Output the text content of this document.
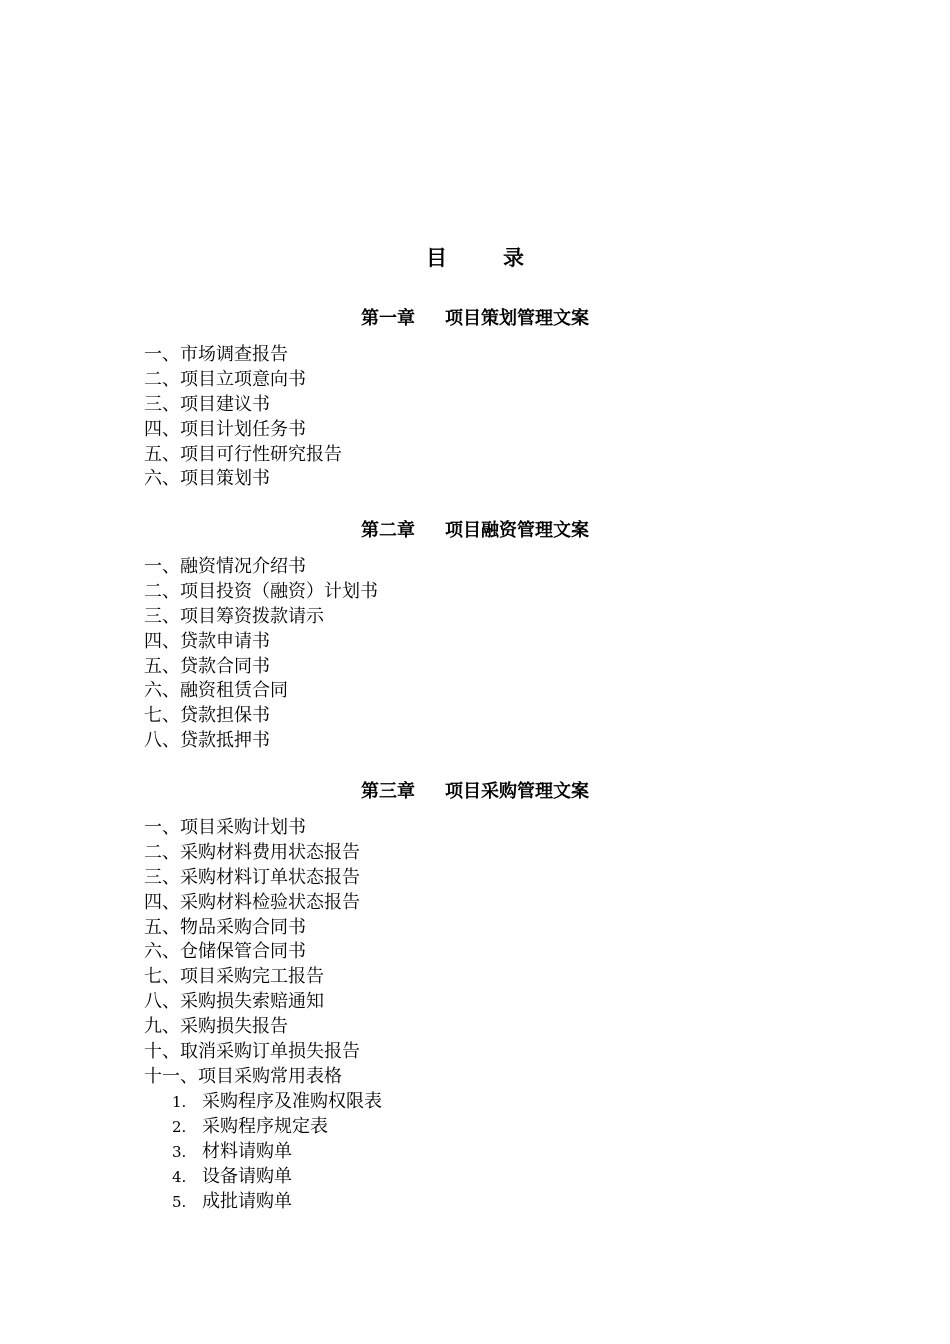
目	录
第一章 项目策划管理文案
一、市场调查报告
二、项目立项意向书
三、项目建议书
四、项目计划任务书
五、项目可行性研究报告
六、项目策划书
第二章 项目融资管理文案
一、融资情况介绍书
二、项目投资（融资）计划书
三、项目筹资拨款请示
四、贷款申请书
五、贷款合同书
六、融资租赁合同
七、贷款担保书
八、贷款抵押书
第三章 项目采购管理文案
一、项目采购计划书
二、采购材料费用状态报告
三、采购材料订单状态报告
四、采购材料检验状态报告
五、物品采购合同书
六、仓储保管合同书
七、项目采购完工报告
八、采购损失索赔通知
九、采购损失报告
十、取消采购订单损失报告
十一、项目采购常用表格
1. 采购程序及准购权限表
2. 采购程序规定表
3. 材料请购单
4. 设备请购单
5. 成批请购单
